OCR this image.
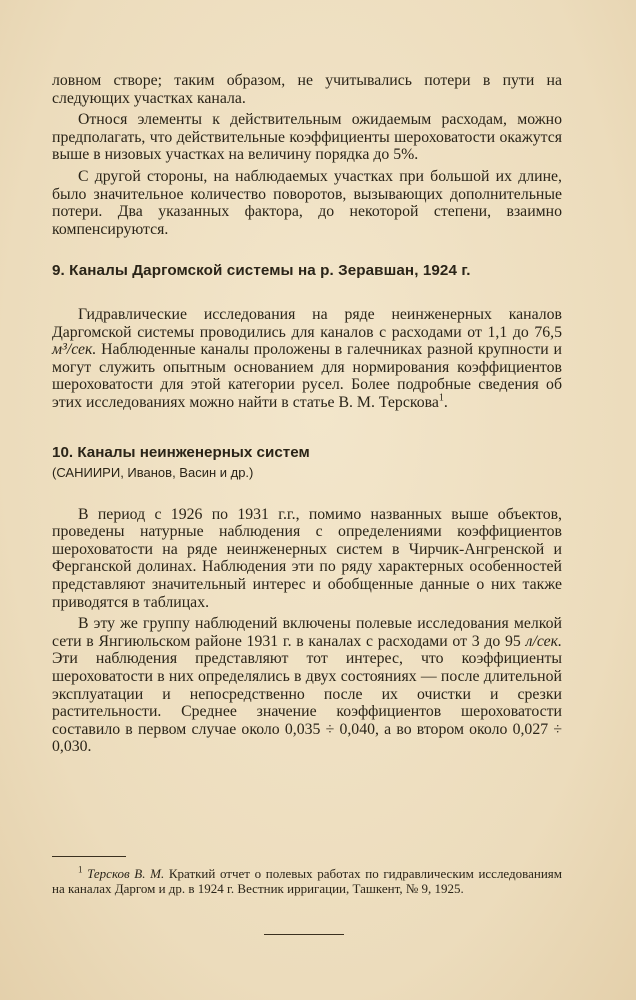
ловном створе; таким образом, не учитывались потери в пути на следующих участках канала.

Относя элементы к действительным ожидаемым расходам, можно предполагать, что действительные коэффициенты шероховатости окажутся выше в низовых участках на величину порядка до 5%.

С другой стороны, на наблюдаемых участках при большой их длине, было значительное количество поворотов, вызывающих дополнительные потери. Два указанных фактора, до некоторой степени, взаимно компенсируются.

9. Каналы Даргомской системы на р. Зеравшан, 1924 г.

Гидравлические исследования на ряде неинженерных каналов Даргомской системы проводились для каналов с расходами от 1,1 до 76,5 м³/сек. Наблюденные каналы проложены в галечниках разной крупности и могут служить опытным основанием для нормирования коэффициентов шероховатости для этой категории русел. Более подробные сведения об этих исследованиях можно найти в статье В. М. Терскова$^1$.

10. Каналы неинженерных систем

(САНИИРИ, Иванов, Васин и др.)

В период с 1926 по 1931 г.г., помимо названных выше объектов, проведены натурные наблюдения с определениями коэффициентов шероховатости на ряде неинженерных систем в Чирчик-Ангренской и Ферганской долинах. Наблюдения эти по ряду характерных особенностей представляют значительный интерес и обобщенные данные о них также приводятся в таблицах.

В эту же группу наблюдений включены полевые исследования мелкой сети в Янгиюльском районе 1931 г. в каналах с расходами от 3 до 95 л/сек. Эти наблюдения представляют тот интерес, что коэффициенты шероховатости в них определялись в двух состояниях — после длительной эксплуатации и непосредственно после их очистки и срезки растительности. Среднее значение коэффициентов шероховатости составило в первом случае около 0,035 ÷ 0,040, а во втором около 0,027 ÷ 0,030.

$^1$ Терсков В. М. Краткий отчет о полевых работах по гидравлическим исследованиям на каналах Даргом и др. в 1924 г. Вестник ирригации, Ташкент, № 9, 1925.
